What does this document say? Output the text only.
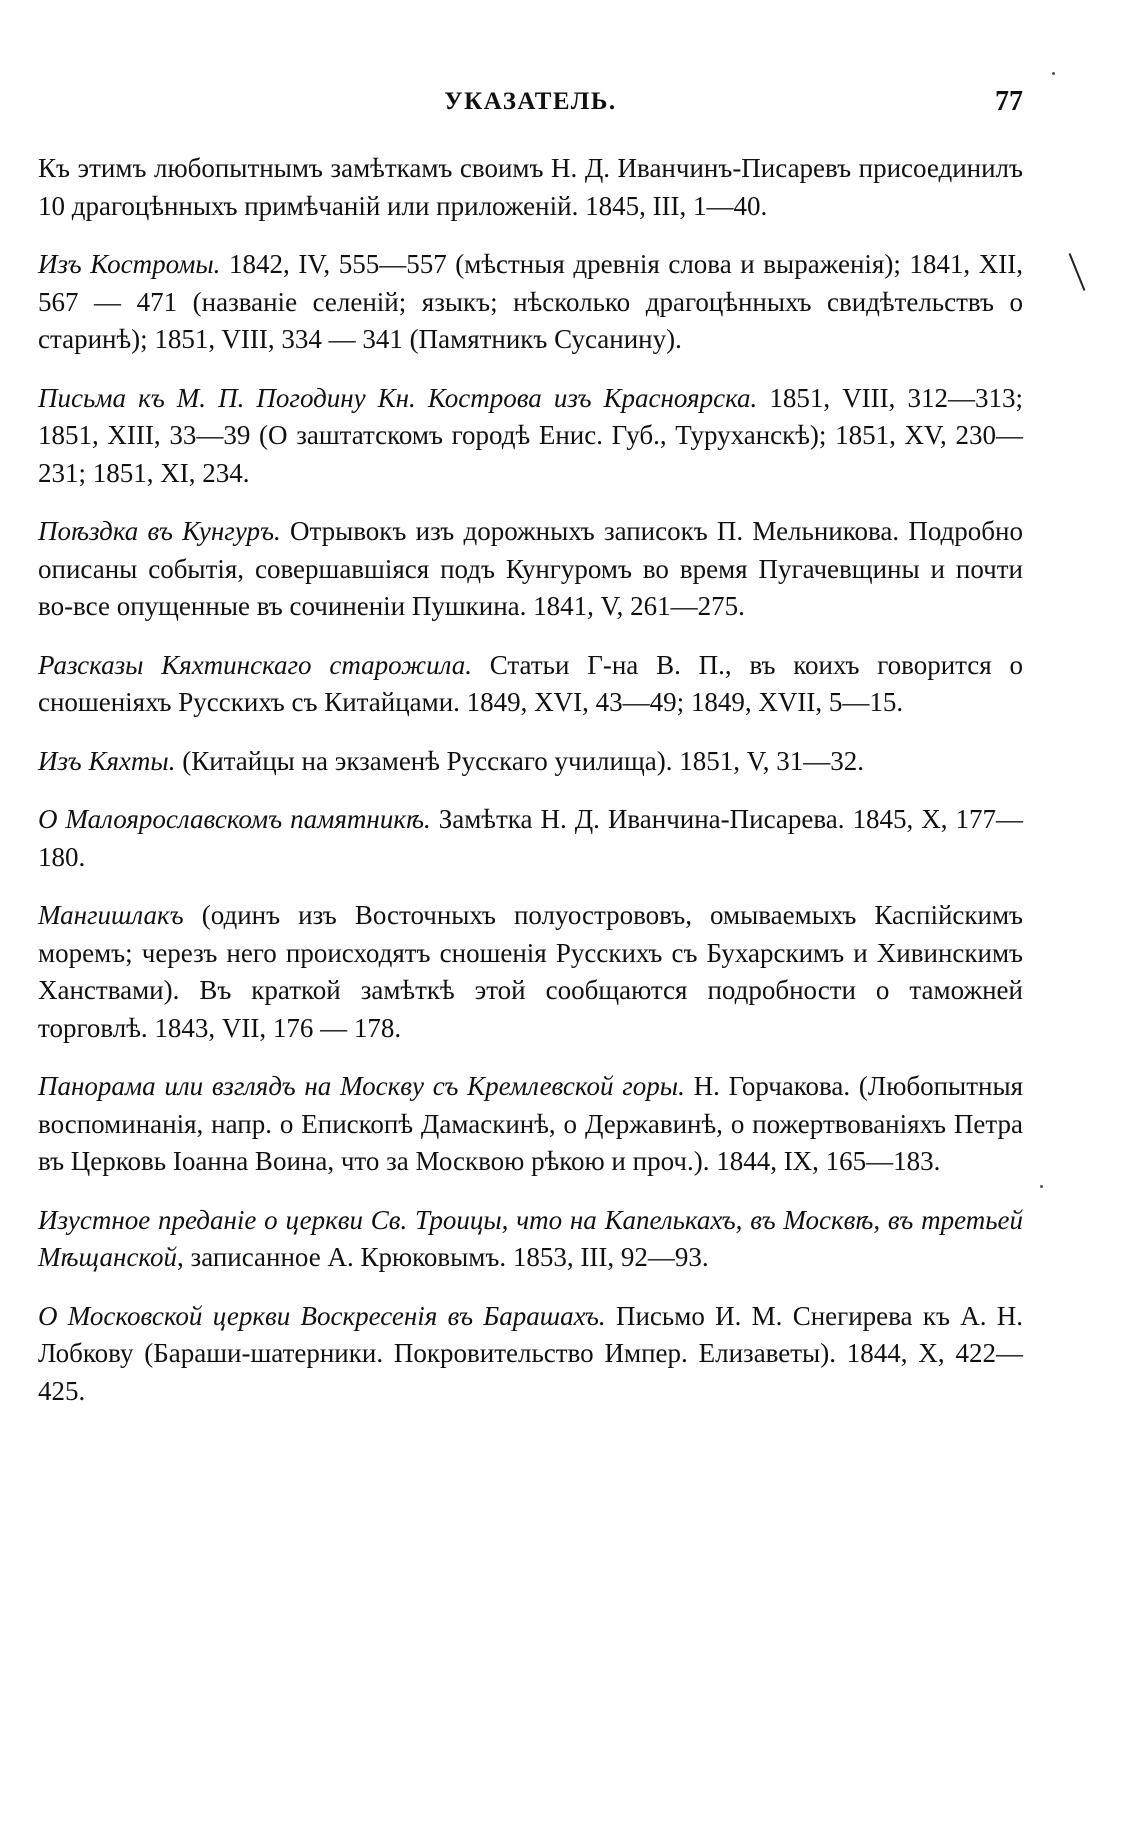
УКАЗАТЕЛЬ.	77

Къ этимъ любопытнымъ замѣткамъ своимъ Н. Д. Иванчинъ-Писаревъ присоединилъ 10 драгоцѣнныхъ примѣчаній или приложеній. 1845, III, 1—40.

Изъ Костромы. 1842, IV, 555—557 (мѣстныя древнія слова и выраженія); 1841, XII, 567 — 471 (названіе селеній; языкъ; нѣсколько драгоцѣнныхъ свидѣтельствъ о старинѣ); 1851, VIII, 334 — 341 (Памятникъ Сусанину).

Письма къ М. П. Погодину Кн. Кострова изъ Красноярска. 1851, VIII, 312—313; 1851, XIII, 33—39 (О заштатскомъ городѣ Енис. Губ., Туруханскѣ); 1851, XV, 230—231; 1851, XI, 234.

Поѣздка въ Кунгуръ. Отрывокъ изъ дорожныхъ записокъ П. Мельникова. Подробно описаны событія, совершавшіяся подъ Кунгуромъ во время Пугачевщины и почти во-все опущенные въ сочиненіи Пушкина. 1841, V, 261—275.

Разсказы Кяхтинскаго старожила. Статьи Г-на В. П., въ коихъ говорится о сношеніяхъ Русскихъ съ Китайцами. 1849, XVI, 43—49; 1849, XVII, 5—15.

Изъ Кяхты. (Китайцы на экзаменѣ Русскаго училища). 1851, V, 31—32.

О Малоярославскомъ памятникѣ. Замѣтка Н. Д. Иванчина-Писарева. 1845, X, 177—180.

Мангишлакъ (одинъ изъ Восточныхъ полуострововъ, омываемыхъ Каспійскимъ моремъ; черезъ него происходятъ сношенія Русскихъ съ Бухарскимъ и Хивинскимъ Ханствами). Въ краткой замѣткѣ этой сообщаются подробности о таможней торговлѣ. 1843, VII, 176 — 178.

Панорама или взглядъ на Москву съ Кремлевской горы. Н. Горчакова. (Любопытныя воспоминанія, напр. о Епископѣ Дамаскинѣ, о Державинѣ, о пожертвованіяхъ Петра въ Церковь Іоанна Воина, что за Москвою рѣкою и проч.). 1844, IX, 165—183.

Изустное преданіе о церкви Св. Троицы, что на Капелькахъ, въ Москвѣ, въ третьей Мѣщанской, записанное А. Крюковымъ. 1853, III, 92—93.

О Московской церкви Воскресенія въ Барашахъ. Письмо И. М. Снегирева къ А. Н. Лобкову (Бараши-шатерники. Покровительство Импер. Елизаветы). 1844, X, 422—425.
